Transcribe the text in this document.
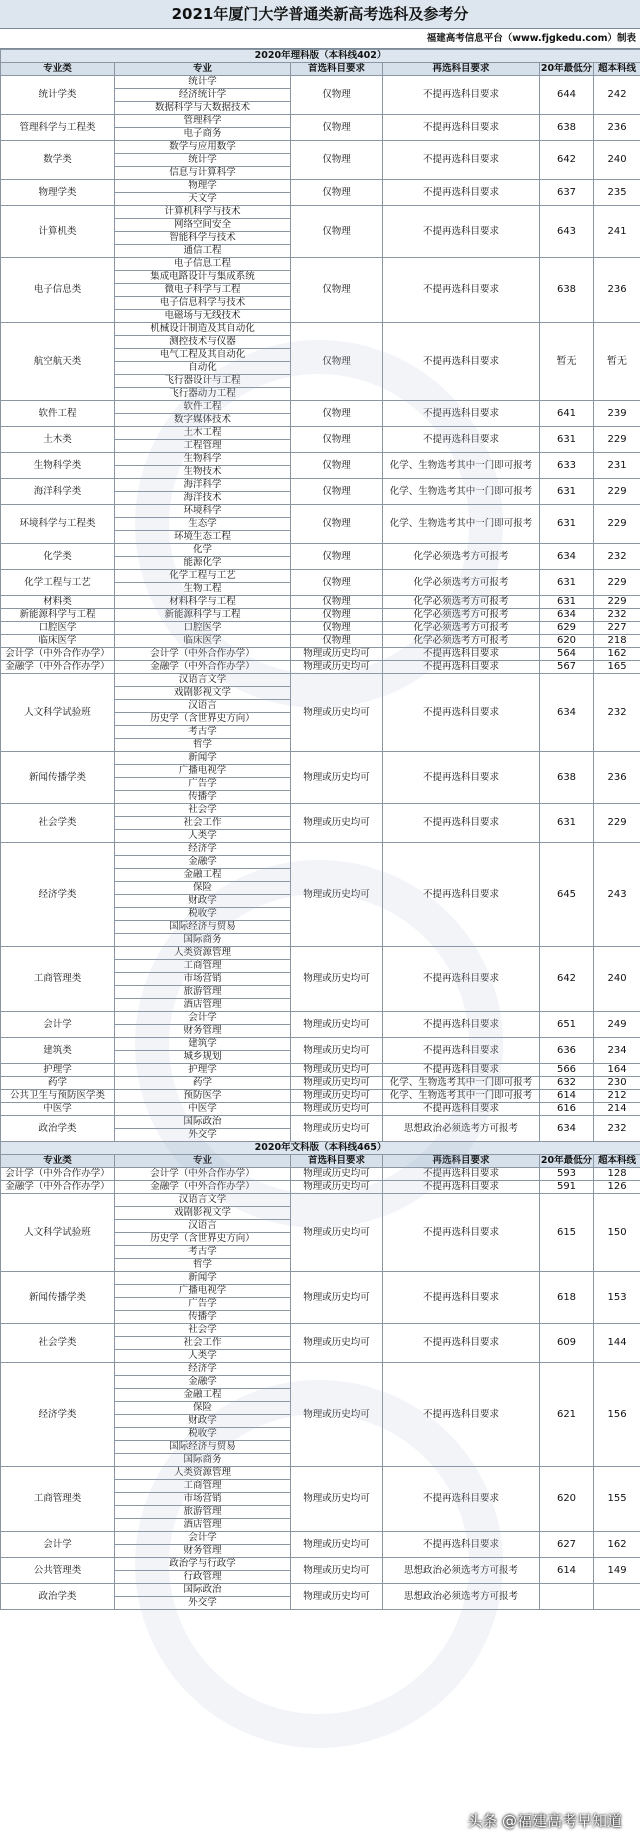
2021年厦门大学普通类新高考选科及参考分
福建高考信息平台（www.fjgkedu.com）制表
2020年理科版（本科线402）					
专业类	专业	首选科目要求	再选科目要求	20年最低分	超本科线
统计学类	统计学	仅物理	不提再选科目要求	644	242
	经济统计学				
	数据科学与大数据技术				
管理科学与工程类	管理科学	仅物理	不提再选科目要求	638	236
	电子商务				
数学类	数学与应用数学	仅物理	不提再选科目要求	642	240
	统计学				
	信息与计算科学				
物理学类	物理学	仅物理	不提再选科目要求	637	235
	天文学				
计算机类	计算机科学与技术	仅物理	不提再选科目要求	643	241
	网络空间安全				
	智能科学与技术				
	通信工程				
电子信息类	电子信息工程	仅物理	不提再选科目要求	638	236
	集成电路设计与集成系统				
	微电子科学与工程				
	电子信息科学与技术				
	电磁场与无线技术				
航空航天类	机械设计制造及其自动化	仅物理	不提再选科目要求	暂无	暂无
	测控技术与仪器				
	电气工程及其自动化				
	自动化				
	飞行器设计与工程				
	飞行器动力工程				
软件工程	软件工程	仅物理	不提再选科目要求	641	239
	数字媒体技术				
土木类	土木工程	仅物理	不提再选科目要求	631	229
	工程管理				
生物科学类	生物科学	仅物理	化学、生物选考其中一门即可报考	633	231
	生物技术				
海洋科学类	海洋科学	仅物理	化学、生物选考其中一门即可报考	631	229
	海洋技术				
环境科学与工程类	环境科学	仅物理	化学、生物选考其中一门即可报考	631	229
	生态学				
	环境生态工程				
化学类	化学	仅物理	化学必须选考方可报考	634	232
	能源化学				
化学工程与工艺	化学工程与工艺	仅物理	化学必须选考方可报考	631	229
	生物工程				
材料类	材料科学与工程	仅物理	化学必须选考方可报考	631	229
新能源科学与工程	新能源科学与工程	仅物理	化学必须选考方可报考	634	232
口腔医学	口腔医学	仅物理	化学必须选考方可报考	629	227
临床医学	临床医学	仅物理	化学必须选考方可报考	620	218
会计学（中外合作办学）	会计学（中外合作办学）	物理或历史均可	不提再选科目要求	564	162
金融学（中外合作办学）	金融学（中外合作办学）	物理或历史均可	不提再选科目要求	567	165
人文科学试验班	汉语言文学	物理或历史均可	不提再选科目要求	634	232
	戏剧影视文学				
	汉语言				
	历史学（含世界史方向）				
	考古学				
	哲学				
新闻传播学类	新闻学	物理或历史均可	不提再选科目要求	638	236
	广播电视学				
	广告学				
	传播学				
社会学类	社会学	物理或历史均可	不提再选科目要求	631	229
	社会工作				
	人类学				
经济学类	经济学	物理或历史均可	不提再选科目要求	645	243
	金融学				
	金融工程				
	保险				
	财政学				
	税收学				
	国际经济与贸易				
	国际商务				
工商管理类	人类资源管理	物理或历史均可	不提再选科目要求	642	240
	工商管理				
	市场营销				
	旅游管理				
	酒店管理				
会计学	会计学	物理或历史均可	不提再选科目要求	651	249
	财务管理				
建筑类	建筑学	物理或历史均可	不提再选科目要求	636	234
	城乡规划				
护理学	护理学	物理或历史均可	不提再选科目要求	566	164
药学	药学	物理或历史均可	化学、生物选考其中一门即可报考	632	230
公共卫生与预防医学类	预防医学	物理或历史均可	化学、生物选考其中一门即可报考	614	212
中医学	中医学	物理或历史均可	不提再选科目要求	616	214
政治学类	国际政治	物理或历史均可	思想政治必须选考方可报考	634	232
	外交学				
2020年文科版（本科线465）					
专业类	专业	首选科目要求	再选科目要求	20年最低分	超本科线
会计学（中外合作办学）	会计学（中外合作办学）	物理或历史均可	不提再选科目要求	593	128
金融学（中外合作办学）	金融学（中外合作办学）	物理或历史均可	不提再选科目要求	591	126
人文科学试验班	汉语言文学	物理或历史均可	不提再选科目要求	615	150
	戏剧影视文学				
	汉语言				
	历史学（含世界史方向）				
	考古学				
	哲学				
新闻传播学类	新闻学	物理或历史均可	不提再选科目要求	618	153
	广播电视学				
	广告学				
	传播学				
社会学类	社会学	物理或历史均可	不提再选科目要求	609	144
	社会工作				
	人类学				
经济学类	经济学	物理或历史均可	不提再选科目要求	621	156
	金融学				
	金融工程				
	保险				
	财政学				
	税收学				
	国际经济与贸易				
	国际商务				
工商管理类	人类资源管理	物理或历史均可	不提再选科目要求	620	155
	工商管理				
	市场营销				
	旅游管理				
	酒店管理				
会计学	会计学	物理或历史均可	不提再选科目要求	627	162
	财务管理				
公共管理类	政治学与行政学	物理或历史均可	思想政治必须选考方可报考	614	149
	行政管理				
政治学类	国际政治	物理或历史均可	思想政治必须选考方可报考		
	外交学				
头条 @福建高考早知道
